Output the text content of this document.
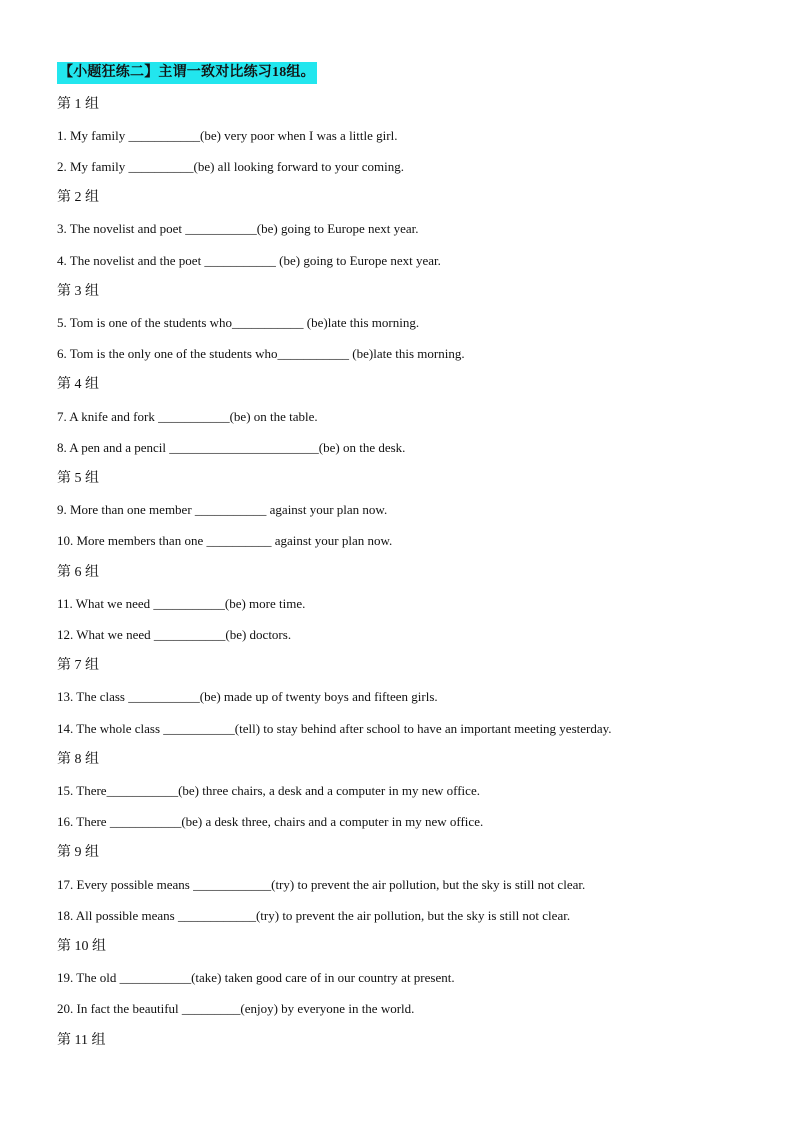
【小题狂练二】主谓一致对比练习18组。
第 1 组
1. My family ___________(be) very poor when I was a little girl.
2. My family __________(be) all looking forward to your coming.
第 2 组
3. The novelist and poet ___________(be) going to Europe next year.
4. The novelist and the poet ___________ (be) going to Europe next year.
第 3 组
5. Tom is one of the students who___________ (be)late this morning.
6. Tom is the only one of the students who___________ (be)late this morning.
第 4 组
7. A knife and fork ___________(be) on the table.
8. A pen and a pencil _______________________(be) on the desk.
第 5 组
9. More than one member ___________ against your plan now.
10. More members than one __________ against your plan now.
第 6 组
11. What we need ___________(be) more time.
12. What we need ___________(be) doctors.
第 7 组
13. The class ___________(be) made up of twenty boys and fifteen girls.
14. The whole class ___________(tell) to stay behind after school to have an important meeting yesterday.
第 8 组
15. There___________(be) three chairs, a desk and a computer in my new office.
16. There ___________(be) a desk three, chairs and a computer in my new office.
第 9 组
17. Every possible means ____________(try) to prevent the air pollution, but the sky is still not clear.
18. All possible means ____________(try) to prevent the air pollution, but the sky is still not clear.
第 10 组
19. The old ___________(take) taken good care of in our country at present.
20. In fact the beautiful _________(enjoy) by everyone in the world.
第 11 组
